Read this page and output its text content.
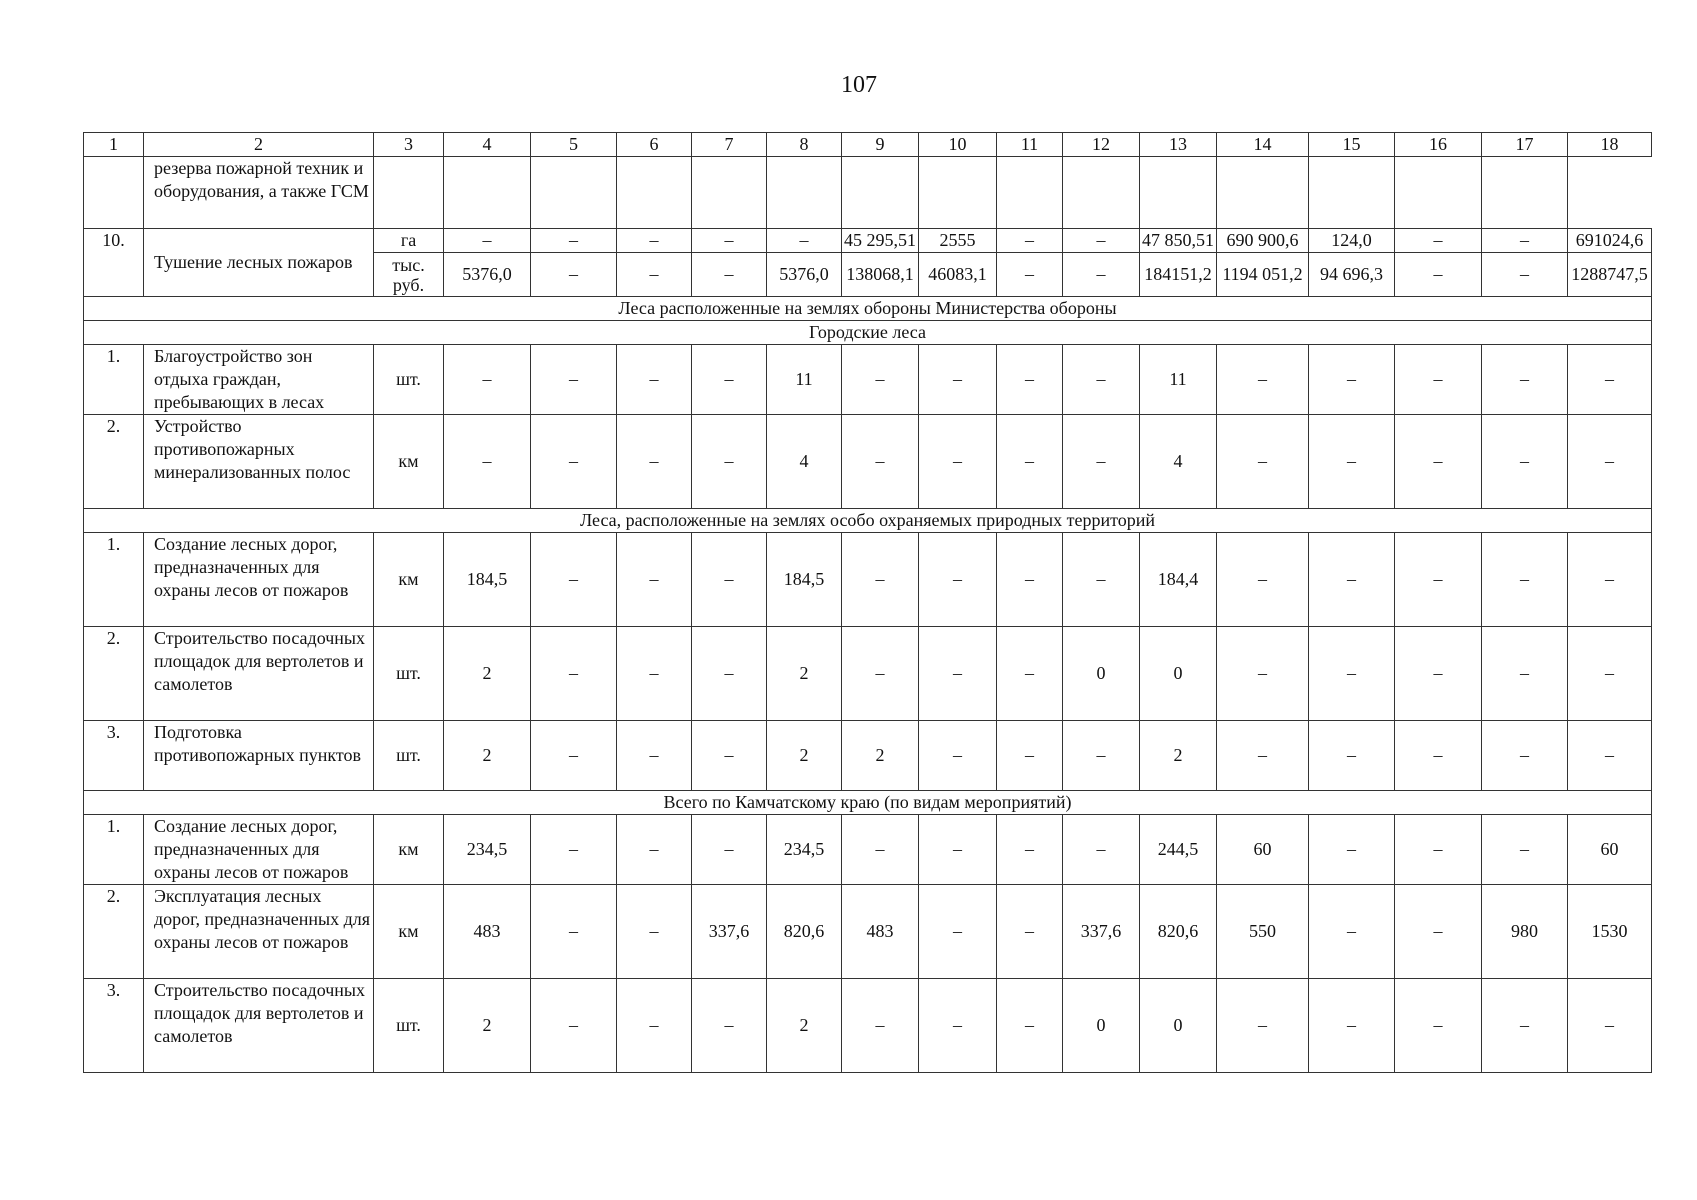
107
1	2	3	4	5	6	7	8	9	10	11	12	13	14	15	16	17	18
	резерва пожарной техник и оборудования, а также ГСМ																
10.	Тушение лесных пожаров	га	–	–	–	–	–	45 295,51	2555	–	–	47 850,51	690 900,6	124,0	–	–	691024,6
		тыс. руб.	5376,0	–	–	–	5376,0	138068,1	46083,1	–	–	184151,2	1194 051,2	94 696,3	–	–	1288747,5
Леса расположенные на землях обороны Министерства обороны																	
Городские леса																	
1.	Благоустройство зон отдыха граждан, пребывающих в лесах	шт.	–	–	–	–	11	–	–	–	–	11	–	–	–	–	–
2.	Устройство противопожарных минерализованных полос	км	–	–	–	–	4	–	–	–	–	4	–	–	–	–	–
Леса, расположенные на землях особо охраняемых природных территорий																	
1.	Создание лесных дорог, предназначенных для охраны лесов от пожаров	км	184,5	–	–	–	184,5	–	–	–	–	184,4	–	–	–	–	–
2.	Строительство посадочных площадок для вертолетов и самолетов	шт.	2	–	–	–	2	–	–	–	0	0	–	–	–	–	–
3.	Подготовка противопожарных пунктов	шт.	2	–	–	–	2	2	–	–	–	2	–	–	–	–	–
Всего по Камчатскому краю (по видам мероприятий)																	
1.	Создание лесных дорог, предназначенных для охраны лесов от пожаров	км	234,5	–	–	–	234,5	–	–	–	–	244,5	60	–	–	–	60
2.	Эксплуатация лесных дорог, предназначенных для охраны лесов от пожаров	км	483	–	–	337,6	820,6	483	–	–	337,6	820,6	550	–	–	980	1530
3.	Строительство посадочных площадок для вертолетов и самолетов	шт.	2	–	–	–	2	–	–	–	0	0	–	–	–	–	–
